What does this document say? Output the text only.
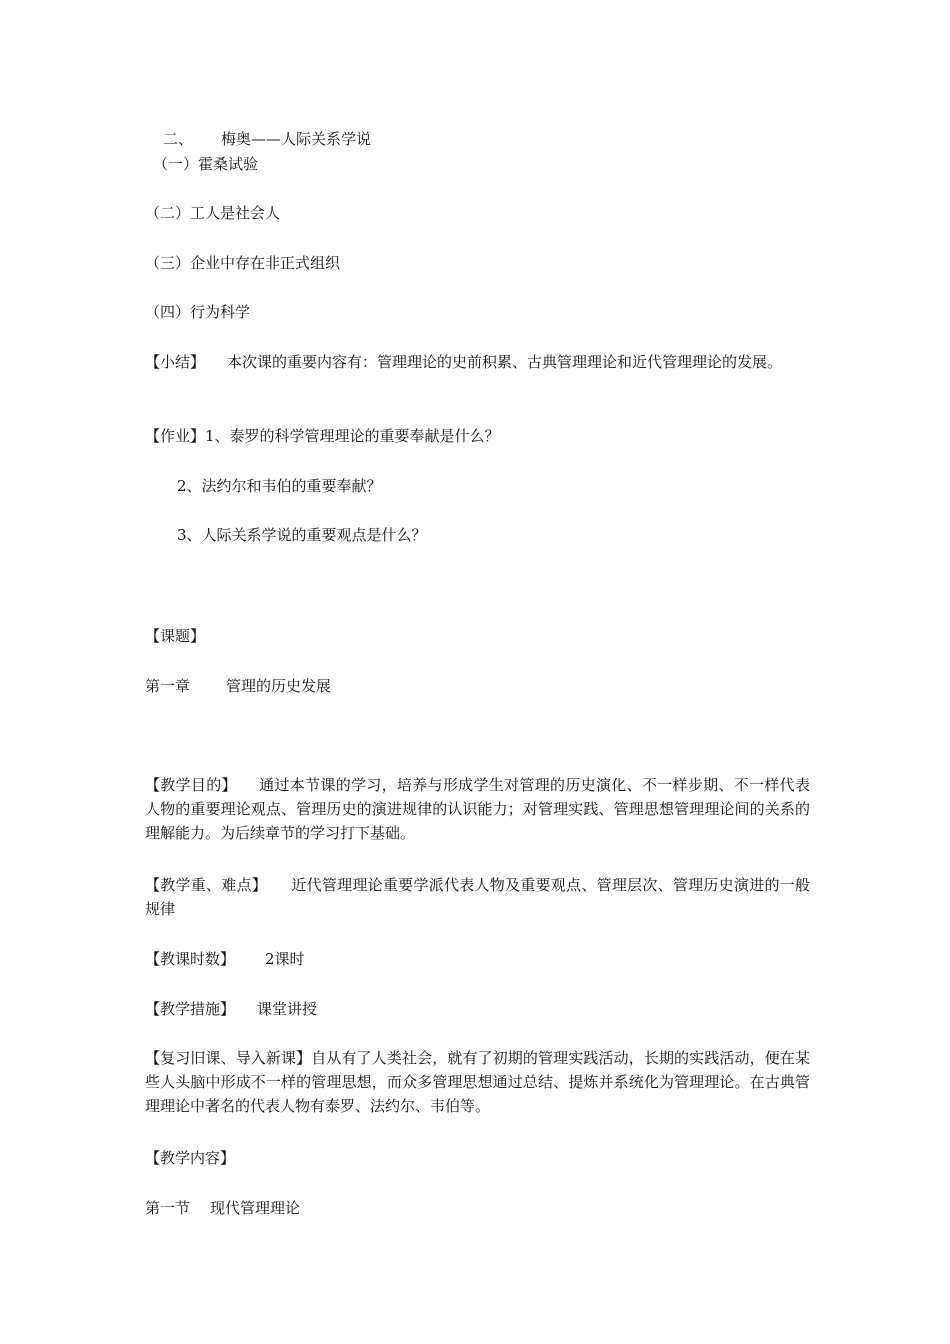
二、 梅奥——人际关系学说
（一）霍桑试验
（二）工人是社会人
（三）企业中存在非正式组织
（四）行为科学
【小结】 本次课的重要内容有：管理理论的史前积累、古典管理理论和近代管理理论的发展。
【作业】1、泰罗的科学管理理论的重要奉献是什么？
2、法约尔和韦伯的重要奉献？
3、人际关系学说的重要观点是什么？
【课题】
第一章 管理的历史发展
【教学目的】 通过本节课的学习，培养与形成学生对管理的历史演化、不一样步期、不一样代表人物的重要理论观点、管理历史的演进规律的认识能力；对管理实践、管理思想管理理论间的关系的理解能力。为后续章节的学习打下基础。
【教学重、难点】 近代管理理论重要学派代表人物及重要观点、管理层次、管理历史演进的一般规律
【教课时数】 2课时
【教学措施】 课堂讲授
【复习旧课、导入新课】自从有了人类社会，就有了初期的管理实践活动，长期的实践活动，便在某些人头脑中形成不一样的管理思想，而众多管理思想通过总结、提炼并系统化为管理理论。在古典管理理论中著名的代表人物有泰罗、法约尔、韦伯等。
【教学内容】
第一节 现代管理理论
